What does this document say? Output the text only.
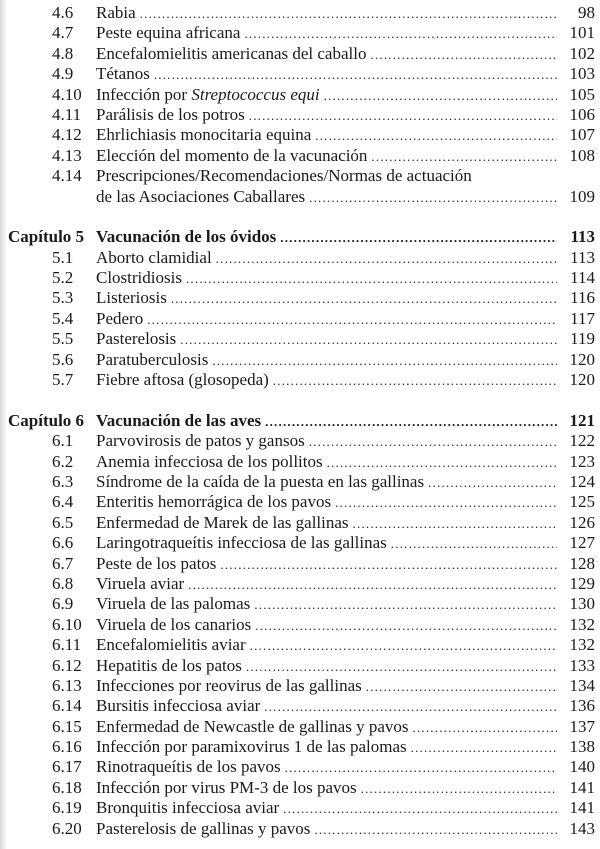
4.6	Rabia .....	98
4.7	Peste equina africana .....	101
4.8	Encefalomielitis americanas del caballo .....	102
4.9	Tétanos .....	103
4.10 Infección por Streptococcus equi .....	105
4.11 Parálisis de los potros .....	106
4.12 Ehrlichiasis monocitaria equina .....	107
4.13 Elección del momento de la vacunación .....	108
4.14 Prescripciones/Recomendaciones/Normas de actuación
de las Asociaciones Caballares .....	109
Capítulo 5 Vacunación de los óvidos .....	113
5.1	Aborto clamidial .....	113
5.2	Clostridiosis .....	114
5.3	Listeriosis .....	116
5.4	Pedero .....	117
5.5	Pasterelosis .....	119
5.6	Paratuberculosis .....	120
5.7	Fiebre aftosa (glosopeda) .....	120
Capítulo 6 Vacunación de las aves .....	121
6.1	Parvovirosis de patos y gansos .....	122
6.2	Anemia infecciosa de los pollitos .....	123
6.3	Síndrome de la caída de la puesta en las gallinas .....	124
6.4	Enteritis hemorrágica de los pavos .....	125
6.5	Enfermedad de Marek de las gallinas .....	126
6.6	Laringotraqueítis infecciosa de las gallinas .....	127
6.7	Peste de los patos .....	128
6.8	Viruela aviar .....	129
6.9	Viruela de las palomas .....	130
6.10 Viruela de los canarios .....	132
6.11 Encefalomielitis aviar .....	132
6.12 Hepatitis de los patos .....	133
6.13 Infecciones por reovirus de las gallinas .....	134
6.14 Bursitis infecciosa aviar .....	136
6.15 Enfermedad de Newcastle de gallinas y pavos .....	137
6.16 Infección por paramixovirus 1 de las palomas .....	138
6.17 Rinotraqueítis de los pavos .....	140
6.18 Infección por virus PM-3 de los pavos .....	141
6.19 Bronquitis infecciosa aviar .....	141
6.20 Pasterelosis de gallinas y pavos .....	143
